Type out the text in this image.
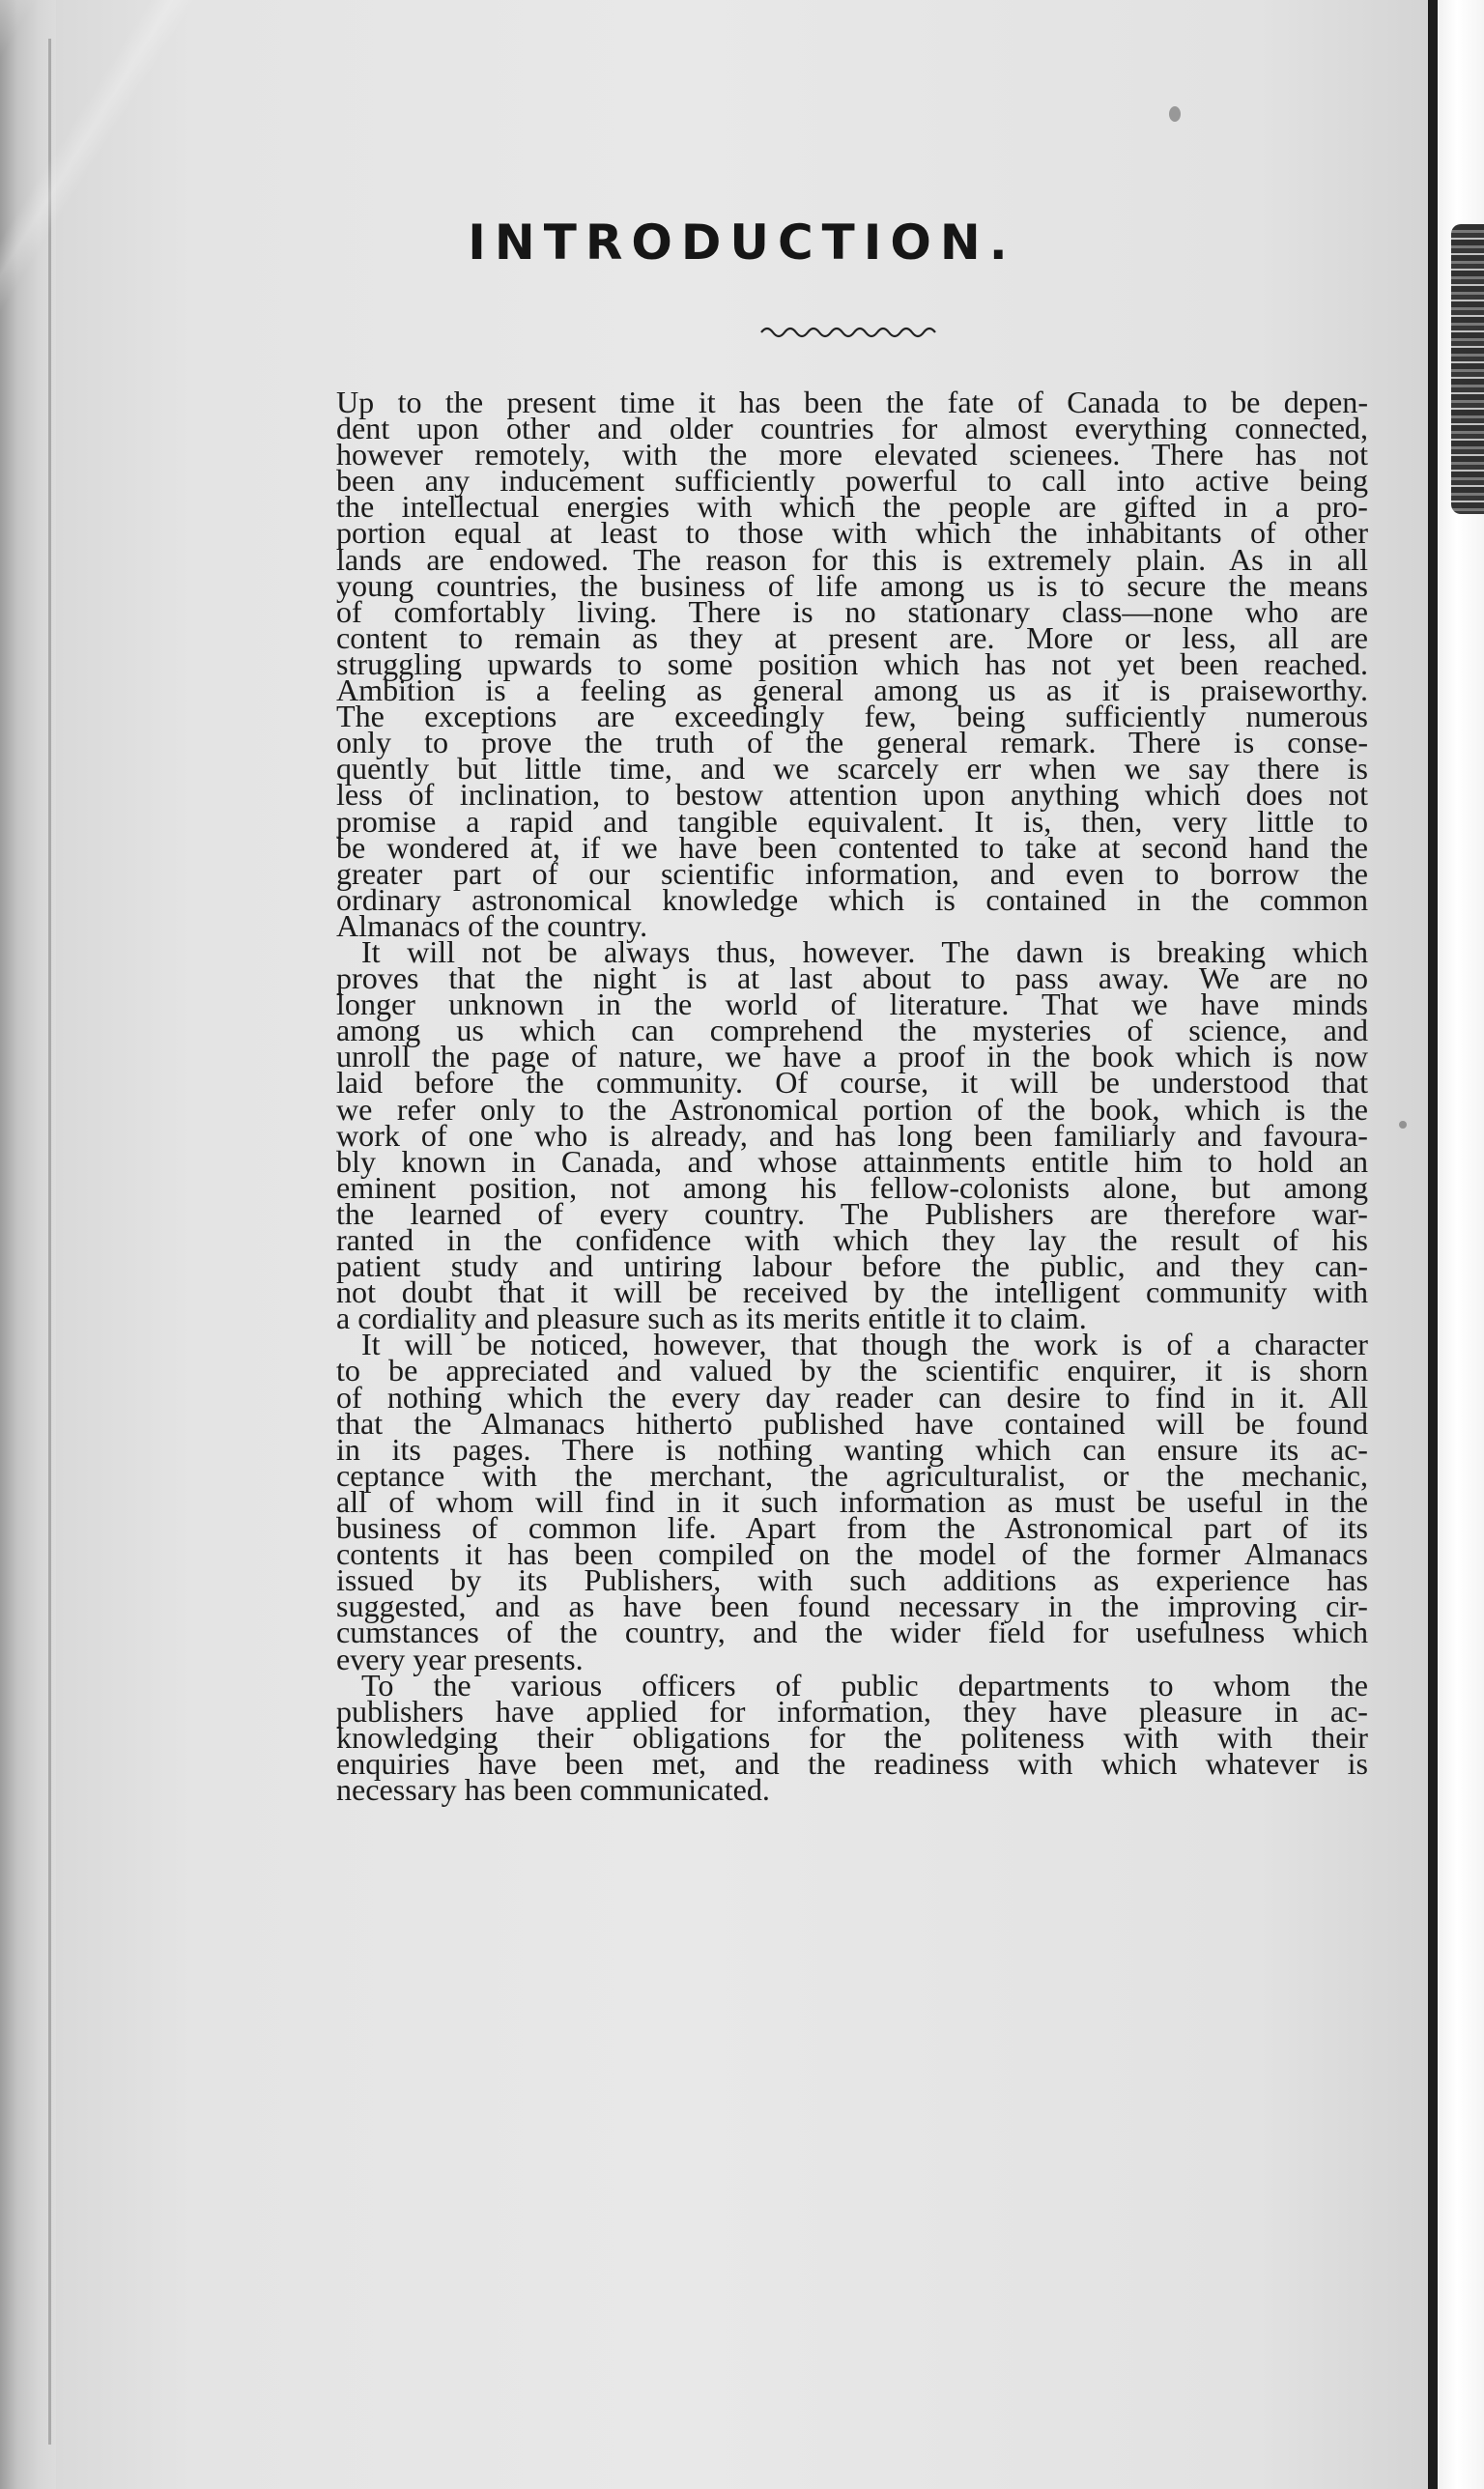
INTRODUCTION.
Up to the present time it has been the fate of Canada to be depen-
dent upon other and older countries for almost everything connected,
however remotely, with the more elevated scienees. There has not
been any inducement sufficiently powerful to call into active being
the intellectual energies with which the people are gifted in a pro-
portion equal at least to those with which the inhabitants of other
lands are endowed. The reason for this is extremely plain. As in all
young countries, the business of life among us is to secure the means
of comfortably living. There is no stationary class—none who are
content to remain as they at present are. More or less, all are
struggling upwards to some position which has not yet been reached.
Ambition is a feeling as general among us as it is praiseworthy.
The exceptions are exceedingly few, being sufficiently numerous
only to prove the truth of the general remark. There is conse-
quently but little time, and we scarcely err when we say there is
less of inclination, to bestow attention upon anything which does not
promise a rapid and tangible equivalent. It is, then, very little to
be wondered at, if we have been contented to take at second hand the
greater part of our scientific information, and even to borrow the
ordinary astronomical knowledge which is contained in the common
Almanacs of the country.
It will not be always thus, however. The dawn is breaking which
proves that the night is at last about to pass away. We are no
longer unknown in the world of literature. That we have minds
among us which can comprehend the mysteries of science, and
unroll the page of nature, we have a proof in the book which is now
laid before the community. Of course, it will be understood that
we refer only to the Astronomical portion of the book, which is the
work of one who is already, and has long been familiarly and favoura-
bly known in Canada, and whose attainments entitle him to hold an
eminent position, not among his fellow-colonists alone, but among
the learned of every country. The Publishers are therefore war-
ranted in the confidence with which they lay the result of his
patient study and untiring labour before the public, and they can-
not doubt that it will be received by the intelligent community with
a cordiality and pleasure such as its merits entitle it to claim.
It will be noticed, however, that though the work is of a character
to be appreciated and valued by the scientific enquirer, it is shorn
of nothing which the every day reader can desire to find in it. All
that the Almanacs hitherto published have contained will be found
in its pages. There is nothing wanting which can ensure its ac-
ceptance with the merchant, the agriculturalist, or the mechanic,
all of whom will find in it such information as must be useful in the
business of common life. Apart from the Astronomical part of its
contents it has been compiled on the model of the former Almanacs
issued by its Publishers, with such additions as experience has
suggested, and as have been found necessary in the improving cir-
cumstances of the country, and the wider field for usefulness which
every year presents.
To the various officers of public departments to whom the
publishers have applied for information, they have pleasure in ac-
knowledging their obligations for the politeness with with their
enquiries have been met, and the readiness with which whatever is
necessary has been communicated.
